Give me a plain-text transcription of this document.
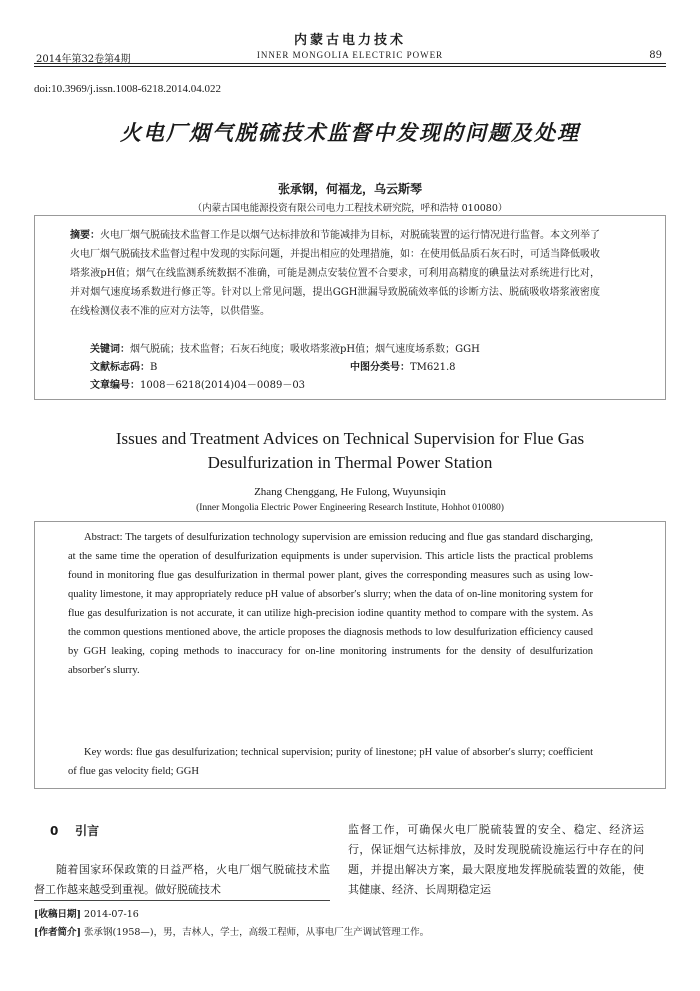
内蒙古电力技术
2014年第32卷第4期	INNER MONGOLIA ELECTRIC POWER	89
doi:10.3969/j.issn.1008-6218.2014.04.022
火电厂烟气脱硫技术监督中发现的问题及处理
张承钢，何福龙，乌云斯琴
（内蒙古国电能源投资有限公司电力工程技术研究院，呼和浩特 010080）
摘要：火电厂烟气脱硫技术监督工作是以烟气达标排放和节能减排为目标，对脱硫装置的运行情况进行监督。本文列举了火电厂烟气脱硫技术监督过程中发现的实际问题，并提出相应的处理措施，如：在使用低品质石灰石时，可适当降低吸收塔浆液pH值；烟气在线监测系统数据不准确，可能是测点安装位置不合要求，可利用高精度的碘量法对系统进行比对，并对烟气速度场系数进行修正等。针对以上常见问题，提出GGH泄漏导致脱硫效率低的诊断方法、脱硫吸收塔浆液密度在线检测仪表不准的应对方法等，以供借鉴。
关键词：烟气脱硫；技术监督；石灰石纯度；吸收塔浆液pH值；烟气速度场系数；GGH
文献标志码：B	中图分类号：TM621.8
文章编号：1008－6218(2014)04－0089－03
Issues and Treatment Advices on Technical Supervision for Flue Gas
Desulfurization in Thermal Power Station
Zhang Chenggang, He Fulong, Wuyunsiqin
(Inner Mongolia Electric Power Engineering Research Institute, Hohhot 010080)
Abstract: The targets of desulfurization technology supervision are emission reducing and flue gas standard discharging, at the same time the operation of desulfurization equipments is under supervision. This article lists the practical problems found in monitoring flue gas desulfurization in thermal power plant, gives the corresponding measures such as using low-quality limestone, it may appropriately reduce pH value of absorber′s slurry; when the data of on-line monitoring system for flue gas desulfurization is not accurate, it can utilize high-precision iodine quantity method to compare with the system. As the common questions mentioned above, the article proposes the diagnosis methods to low desulfurization efficiency caused by GGH leaking, coping methods to inaccuracy for on-line monitoring instruments for the density of desulfurization absorber′s slurry.
Key words: flue gas desulfurization; technical supervision; purity of linestone; pH value of absorber′s slurry; coefficient of flue gas velocity field; GGH
0 引言
随着国家环保政策的日益严格，火电厂烟气脱硫技术监督工作越来越受到重视。做好脱硫技术
监督工作，可确保火电厂脱硫装置的安全、稳定、经济运行，保证烟气达标排放，及时发现脱硫设施运行中存在的问题，并提出解决方案，最大限度地发挥脱硫装置的效能，使其健康、经济、长周期稳定运
[收稿日期] 2014-07-16
[作者简介] 张承钢(1958—)，男，吉林人，学士，高级工程师，从事电厂生产调试管理工作。
